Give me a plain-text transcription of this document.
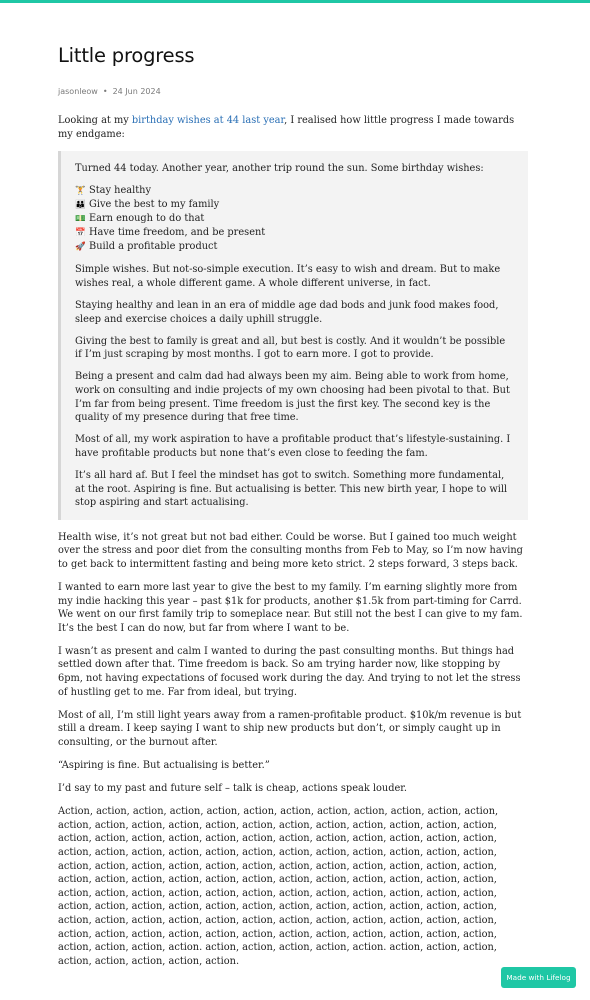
Little progress
jasonleow • 24 Jun 2024

Looking at my birthday wishes at 44 last year, I realised how little progress I made towards my endgame:

Turned 44 today. Another year, another trip round the sun. Some birthday wishes:

🏋 Stay healthy
👪 Give the best to my family
💵 Earn enough to do that
📅 Have time freedom, and be present
🚀 Build a profitable product

Simple wishes. But not-so-simple execution. It’s easy to wish and dream. But to make wishes real, a whole different game. A whole different universe, in fact.

Staying healthy and lean in an era of middle age dad bods and junk food makes food, sleep and exercise choices a daily uphill struggle.

Giving the best to family is great and all, but best is costly. And it wouldn’t be possible if I’m just scraping by most months. I got to earn more. I got to provide.

Being a present and calm dad had always been my aim. Being able to work from home, work on consulting and indie projects of my own choosing had been pivotal to that. But I’m far from being present. Time freedom is just the first key. The second key is the quality of my presence during that free time.

Most of all, my work aspiration to have a profitable product that’s lifestyle-sustaining. I have profitable products but none that’s even close to feeding the fam.

It’s all hard af. But I feel the mindset has got to switch. Something more fundamental, at the root. Aspiring is fine. But actualising is better. This new birth year, I hope to will stop aspiring and start actualising.

Health wise, it’s not great but not bad either. Could be worse. But I gained too much weight over the stress and poor diet from the consulting months from Feb to May, so I’m now having to get back to intermittent fasting and being more keto strict. 2 steps forward, 3 steps back.

I wanted to earn more last year to give the best to my family. I’m earning slightly more from my indie hacking this year – past $1k for products, another $1.5k from part-timing for Carrd. We went on our first family trip to someplace near. But still not the best I can give to my fam. It’s the best I can do now, but far from where I want to be.

I wasn’t as present and calm I wanted to during the past consulting months. But things had settled down after that. Time freedom is back. So am trying harder now, like stopping by 6pm, not having expectations of focused work during the day. And trying to not let the stress of hustling get to me. Far from ideal, but trying.

Most of all, I’m still light years away from a ramen-profitable product. $10k/m revenue is but still a dream. I keep saying I want to ship new products but don’t, or simply caught up in consulting, or the burnout after.

“Aspiring is fine. But actualising is better.”

I’d say to my past and future self – talk is cheap, actions speak louder.

Action, action, action, action, action, action, action, action, action, action, action, action, action, action, action, action, action, action, action, action, action, action, action, action, action, action, action, action, action, action, action, action, action, action, action, action, action, action, action, action, action, action, action, action, action, action, action, action, action, action, action, action, action, action, action, action, action, action, action, action, action, action, action, action, action, action, action, action, action, action, action, action, action, action, action, action, action, action, action, action, action, action, action, action, action, action, action, action, action, action, action, action, action, action, action, action, action, action, action, action, action, action, action, action, action, action, action, action, action, action, action, action, action, action, action, action, action, action, action, action, action, action, action, action. action, action, action, action, action. action, action, action, action, action, action, action, action.

Made with Lifelog
